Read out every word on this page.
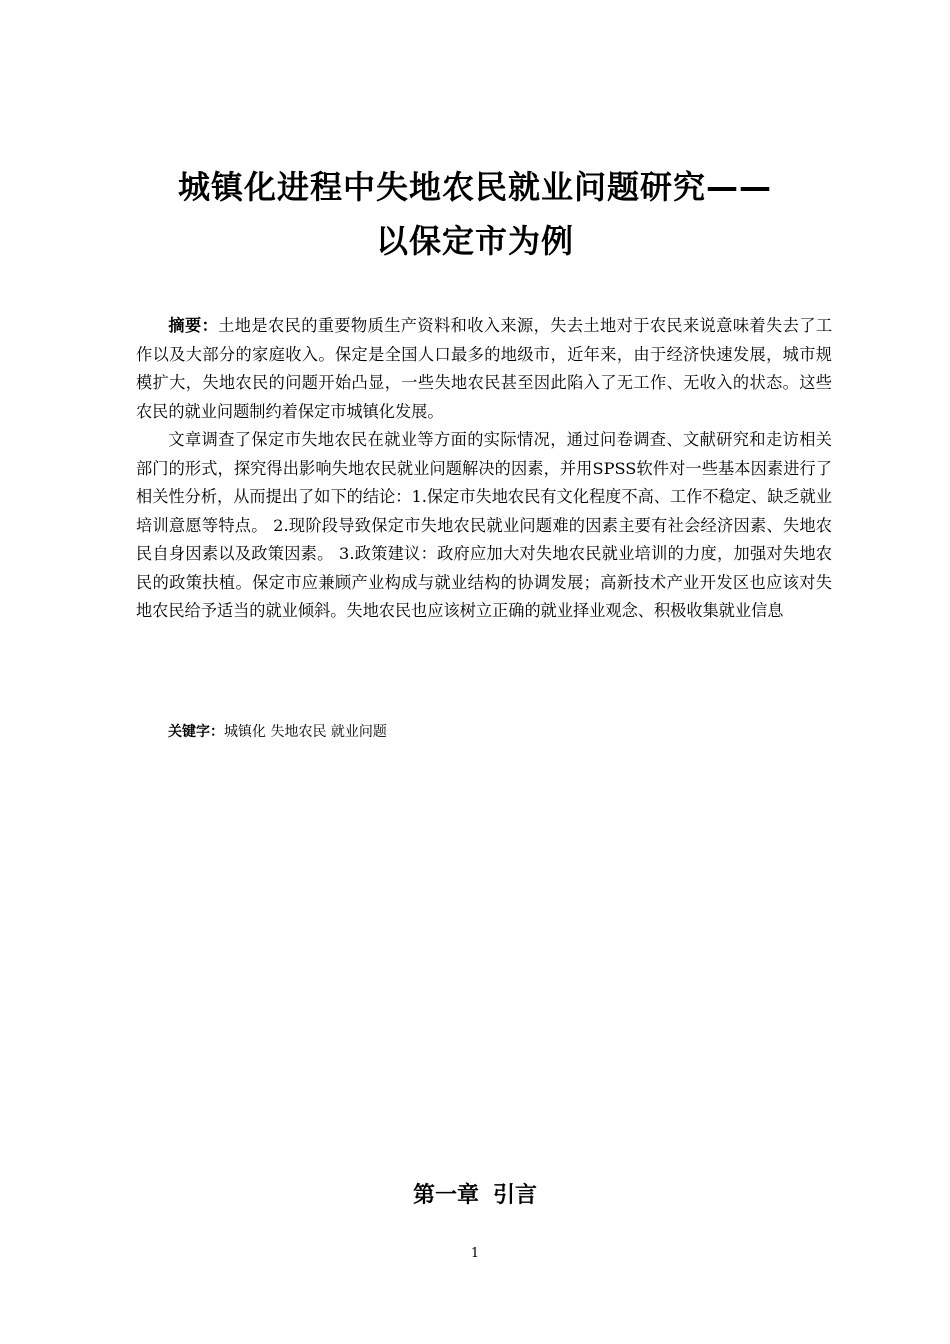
城镇化进程中失地农民就业问题研究——
以保定市为例

摘要：土地是农民的重要物质生产资料和收入来源，失去土地对于农民来说意味着失去了工作以及大部分的家庭收入。保定是全国人口最多的地级市，近年来，由于经济快速发展，城市规模扩大，失地农民的问题开始凸显，一些失地农民甚至因此陷入了无工作、无收入的状态。这些农民的就业问题制约着保定市城镇化发展。

文章调查了保定市失地农民在就业等方面的实际情况，通过问卷调查、文献研究和走访相关部门的形式，探究得出影响失地农民就业问题解决的因素，并用SPSS软件对一些基本因素进行了相关性分析，从而提出了如下的结论：1.保定市失地农民有文化程度不高、工作不稳定、缺乏就业培训意愿等特点。 2.现阶段导致保定市失地农民就业问题难的因素主要有社会经济因素、失地农民自身因素以及政策因素。 3.政策建议：政府应加大对失地农民就业培训的力度，加强对失地农民的政策扶植。保定市应兼顾产业构成与就业结构的协调发展；高新技术产业开发区也应该对失地农民给予适当的就业倾斜。失地农民也应该树立正确的就业择业观念、积极收集就业信息

关键字：城镇化 失地农民 就业问题
第一章 引言
1
